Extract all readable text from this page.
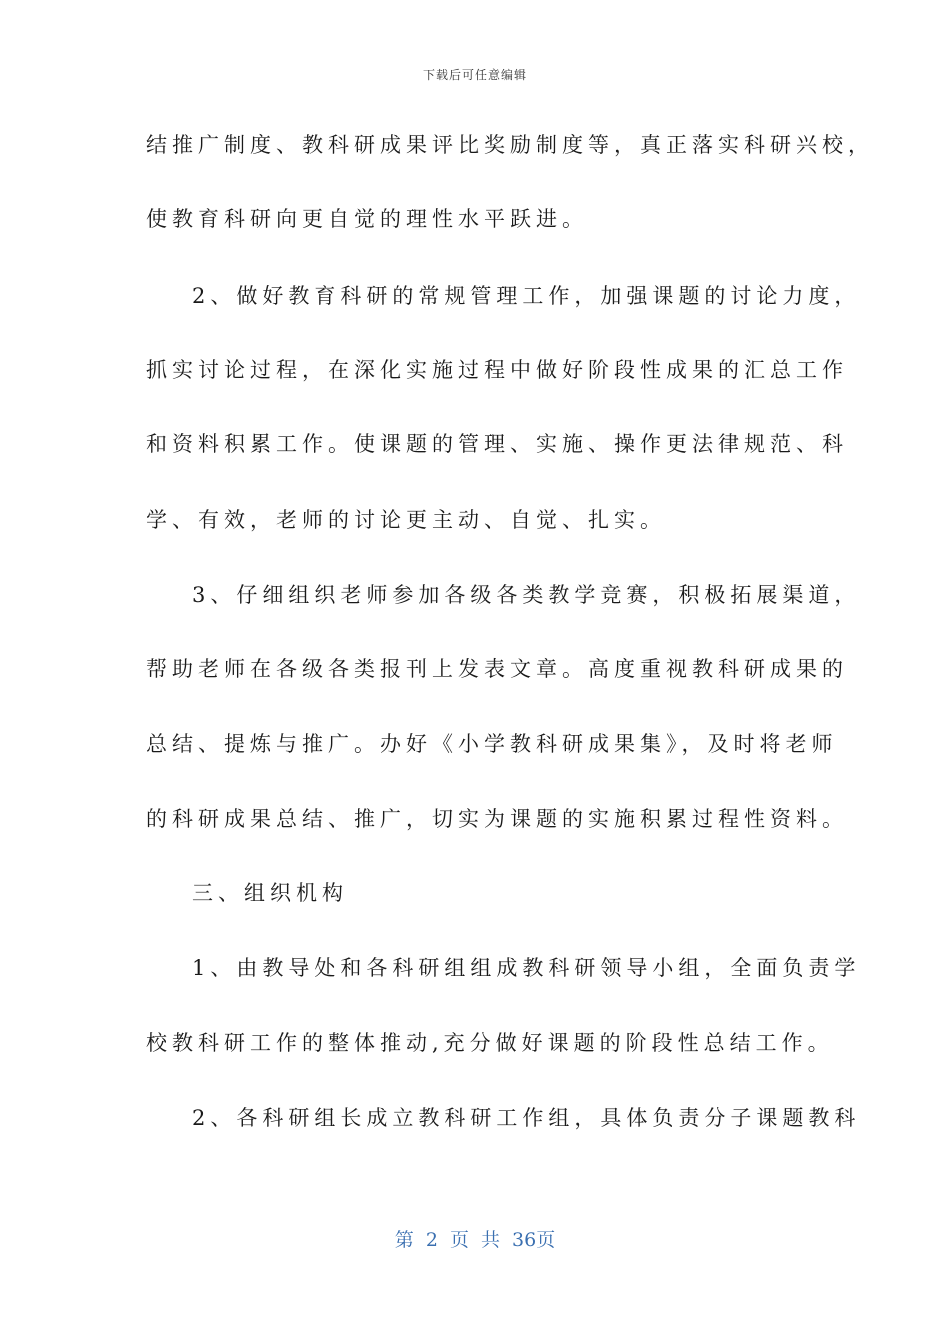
下载后可任意编辑
结推广制度、教科研成果评比奖励制度等，真正落实科研兴校，
使教育科研向更自觉的理性水平跃进。
2、做好教育科研的常规管理工作，加强课题的讨论力度，
抓实讨论过程，在深化实施过程中做好阶段性成果的汇总工作
和资料积累工作。使课题的管理、实施、操作更法律规范、科
学、有效，老师的讨论更主动、自觉、扎实。
3、仔细组织老师参加各级各类教学竞赛，积极拓展渠道，
帮助老师在各级各类报刊上发表文章。高度重视教科研成果的
总结、提炼与推广。办好《小学教科研成果集》，及时将老师
的科研成果总结、推广，切实为课题的实施积累过程性资料。
三、组织机构
1、由教导处和各科研组组成教科研领导小组，全面负责学
校教科研工作的整体推动,充分做好课题的阶段性总结工作。
2、各科研组长成立教科研工作组，具体负责分子课题教科
第 2 页 共 36页
